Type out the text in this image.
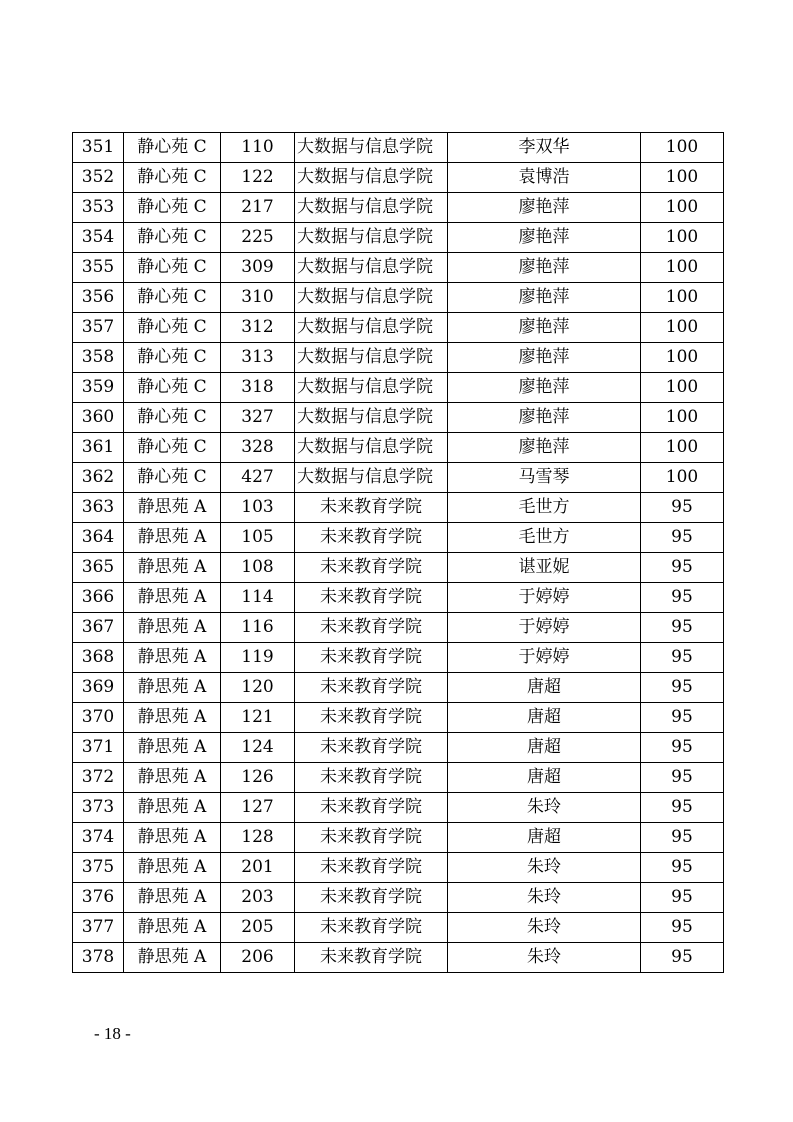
351	静心苑 C	110	大数据与信息学院	李双华	100
352	静心苑 C	122	大数据与信息学院	袁博浩	100
353	静心苑 C	217	大数据与信息学院	廖艳萍	100
354	静心苑 C	225	大数据与信息学院	廖艳萍	100
355	静心苑 C	309	大数据与信息学院	廖艳萍	100
356	静心苑 C	310	大数据与信息学院	廖艳萍	100
357	静心苑 C	312	大数据与信息学院	廖艳萍	100
358	静心苑 C	313	大数据与信息学院	廖艳萍	100
359	静心苑 C	318	大数据与信息学院	廖艳萍	100
360	静心苑 C	327	大数据与信息学院	廖艳萍	100
361	静心苑 C	328	大数据与信息学院	廖艳萍	100
362	静心苑 C	427	大数据与信息学院	马雪琴	100
363	静思苑 A	103	未来教育学院	毛世方	95
364	静思苑 A	105	未来教育学院	毛世方	95
365	静思苑 A	108	未来教育学院	谌亚妮	95
366	静思苑 A	114	未来教育学院	于婷婷	95
367	静思苑 A	116	未来教育学院	于婷婷	95
368	静思苑 A	119	未来教育学院	于婷婷	95
369	静思苑 A	120	未来教育学院	唐超	95
370	静思苑 A	121	未来教育学院	唐超	95
371	静思苑 A	124	未来教育学院	唐超	95
372	静思苑 A	126	未来教育学院	唐超	95
373	静思苑 A	127	未来教育学院	朱玲	95
374	静思苑 A	128	未来教育学院	唐超	95
375	静思苑 A	201	未来教育学院	朱玲	95
376	静思苑 A	203	未来教育学院	朱玲	95
377	静思苑 A	205	未来教育学院	朱玲	95
378	静思苑 A	206	未来教育学院	朱玲	95
- 18 -
